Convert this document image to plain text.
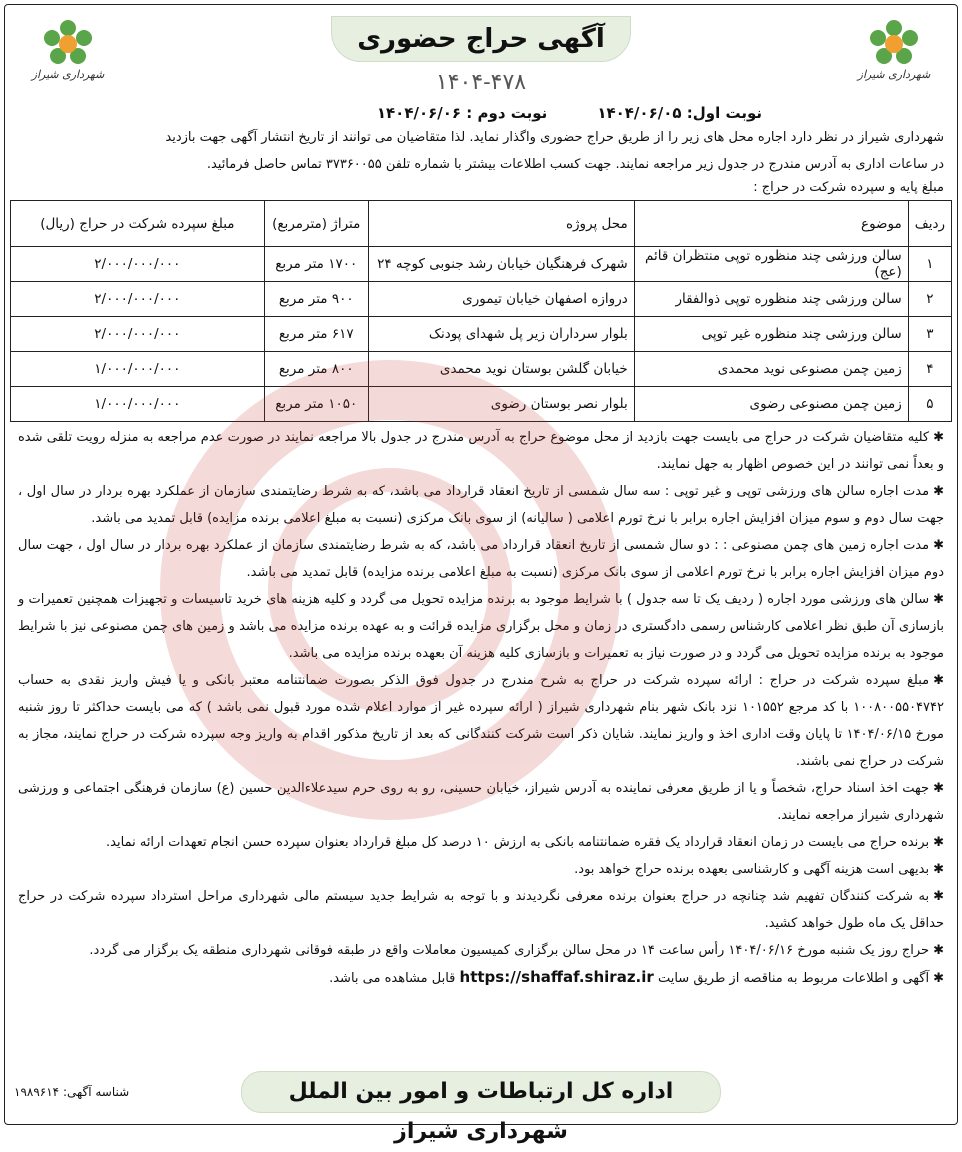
شهرداری شیراز
آگهی حراج حضوری
۱۴۰۴-۴۷۸
شهرداری شیراز
نوبت اول: ۱۴۰۴/۰۶/۰۵
نوبت دوم : ۱۴۰۴/۰۶/۰۶
شهرداری شیراز در نظر دارد اجاره محل های زیر را از طریق حراج حضوری واگذار نماید. لذا متقاضیان می توانند از تاریخ انتشار آگهی جهت بازدید
در ساعات اداری به آدرس مندرج در جدول زیر مراجعه نمایند. جهت کسب اطلاعات بیشتر با شماره تلفن ۳۷۳۶۰۰۵۵ تماس حاصل فرمائید.
مبلغ پایه و سپرده شرکت در حراج :
ردیف	موضوع	محل پروژه	متراژ (مترمربع)	مبلغ سپرده شرکت در حراج (ریال)
۱	سالن ورزشی چند منظوره توپی منتظران قائم (عج)	شهرک فرهنگیان خیابان رشد جنوبی کوچه ۲۴	۱۷۰۰ متر مربع	۲/۰۰۰/۰۰۰/۰۰۰
۲	سالن ورزشی چند منظوره توپی ذوالفقار	دروازه اصفهان خیابان تیموری	۹۰۰ متر مربع	۲/۰۰۰/۰۰۰/۰۰۰
۳	سالن ورزشی چند منظوره غیر توپی	بلوار سرداران زیر پل شهدای پودنک	۶۱۷ متر مربع	۲/۰۰۰/۰۰۰/۰۰۰
۴	زمین چمن مصنوعی نوید محمدی	خیابان گلشن بوستان نوید محمدی	۸۰۰ متر مربع	۱/۰۰۰/۰۰۰/۰۰۰
۵	زمین چمن مصنوعی رضوی	بلوار نصر بوستان رضوی	۱۰۵۰ متر مربع	۱/۰۰۰/۰۰۰/۰۰۰
✱کلیه متقاضیان شرکت در حراج می بایست جهت بازدید از محل موضوع حراج به آدرس مندرج در جدول بالا مراجعه نمایند در صورت عدم مراجعه به منزله رویت تلقی شده و بعداً نمی توانند در این خصوص اظهار به جهل نمایند.
✱مدت اجاره سالن های ورزشی توپی و غیر توپی : سه سال شمسی از تاریخ انعقاد قرارداد می باشد، که به شرط رضایتمندی سازمان از عملکرد بهره بردار در سال اول ، جهت سال دوم و سوم میزان افزایش اجاره برابر با نرخ تورم اعلامی ( سالیانه) از سوی بانک مرکزی (نسبت به مبلغ اعلامی برنده مزایده) قابل تمدید می باشد.
✱مدت اجاره زمین های چمن مصنوعی : : دو سال شمسی از تاریخ انعقاد قرارداد می باشد، که به شرط رضایتمندی سازمان از عملکرد بهره بردار در سال اول ، جهت سال دوم میزان افزایش اجاره برابر با نرخ تورم اعلامی از سوی بانک مرکزی (نسبت به مبلغ اعلامی برنده مزایده) قابل تمدید می باشد.
✱سالن های ورزشی مورد اجاره ( ردیف یک تا سه جدول ) با شرایط موجود به برنده مزایده تحویل می گردد و کلیه هزینه های خرید تاسیسات و تجهیزات همچنین تعمیرات و بازسازی آن طبق نظر اعلامی کارشناس رسمی دادگستری در زمان و محل برگزاری مزایده قرائت و به عهده برنده مزایده می باشد و زمین های چمن مصنوعی نیز با شرایط موجود به برنده مزایده تحویل می گردد و در صورت نیاز به تعمیرات و بازسازی کلیه هزینه آن بعهده برنده مزایده می باشد.
✱مبلغ سپرده شرکت در حراج : ارائه سپرده شرکت در حراج به شرح مندرج در جدول فوق الذکر بصورت ضمانتنامه معتبر بانکی و یا فیش واریز نقدی به حساب ۱۰۰۸۰۰۵۵۰۴۷۴۲ با کد مرجع ۱۰۱۵۵۲ نزد بانک شهر بنام شهرداری شیراز ( ارائه سپرده غیر از موارد اعلام شده مورد قبول نمی باشد ) که می بایست حداکثر تا روز شنبه مورخ ۱۴۰۴/۰۶/۱۵ تا پایان وقت اداری اخذ و واریز نمایند. شایان ذکر است شرکت کنندگانی که بعد از تاریخ مذکور اقدام به واریز وجه سپرده شرکت در حراج نمایند، مجاز به شرکت در حراج نمی باشند.
✱جهت اخذ اسناد حراج، شخصاً و یا از طریق معرفی نماینده به آدرس شیراز، خیابان حسینی، رو به روی حرم سیدعلاءالدین حسین (ع) سازمان فرهنگی اجتماعی و ورزشی شهرداری شیراز مراجعه نمایند.
✱برنده حراج می بایست در زمان انعقاد قرارداد یک فقره ضمانتنامه بانکی به ارزش ۱۰ درصد کل مبلغ قرارداد بعنوان سپرده حسن انجام تعهدات ارائه نماید.
✱بدیهی است هزینه آگهی و کارشناسی بعهده برنده حراج خواهد بود.
✱به شرکت کنندگان تفهیم شد چنانچه در حراج بعنوان برنده معرفی نگردیدند و با توجه به شرایط جدید سیستم مالی شهرداری مراحل استرداد سپرده شرکت در حراج حداقل یک ماه طول خواهد کشید.
✱حراج روز یک شنبه مورخ ۱۴۰۴/۰۶/۱۶ رأس ساعت ۱۴ در محل سالن برگزاری کمیسیون معاملات واقع در طبقه فوقانی شهرداری منطقه یک برگزار می گردد.
✱آگهی و اطلاعات مربوط به مناقصه از طریق سایت https://shaffaf.shiraz.ir قابل مشاهده می باشد.
اداره کل ارتباطات و امور بین الملل شهرداری شیراز
شناسه آگهی: ۱۹۸۹۶۱۴
